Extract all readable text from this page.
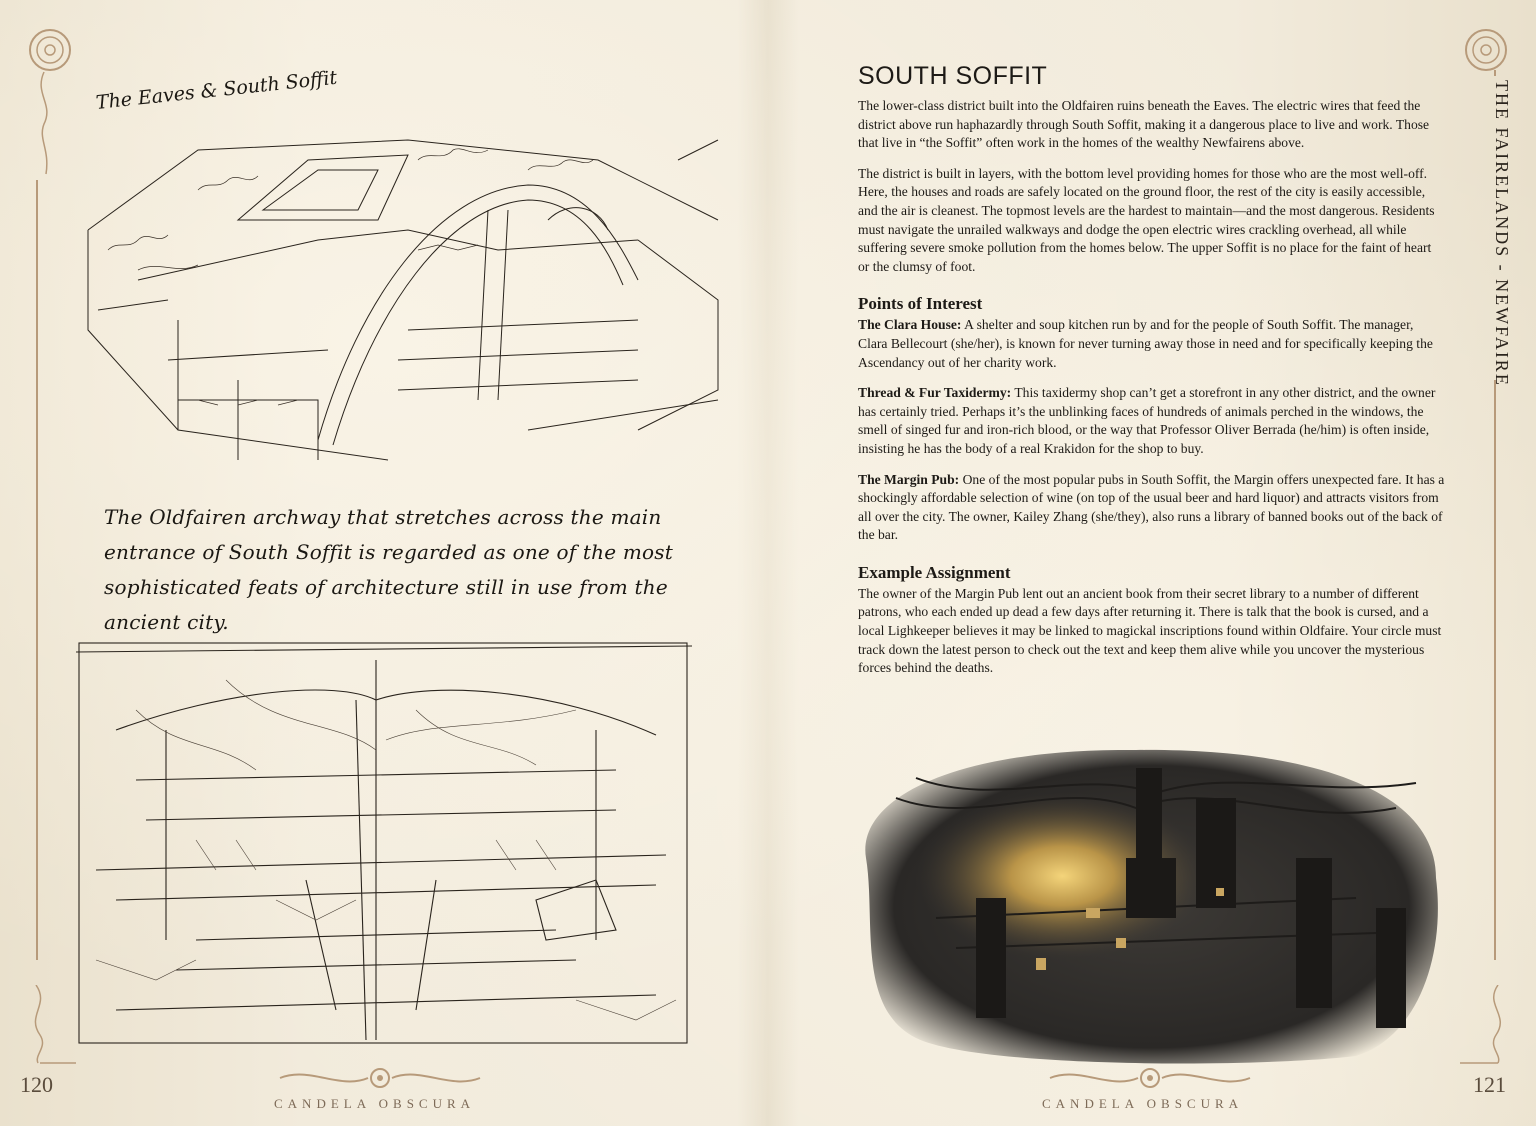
The Eaves & South Soffit
The Oldfairen archway that stretches across the main entrance of South Soffit is regarded as one of the most sophisticated feats of architecture still in use from the ancient city.
120
CANDELA OBSCURA
THE FAIRELANDS - NEWFAIRE
SOUTH SOFFIT

The lower-class district built into the Oldfairen ruins beneath the Eaves. The electric wires that feed the district above run haphazardly through South Soffit, making it a dangerous place to live and work. Those that live in “the Soffit” often work in the homes of the wealthy Newfairens above.

The district is built in layers, with the bottom level providing homes for those who are the most well-off. Here, the houses and roads are safely located on the ground floor, the rest of the city is easily accessible, and the air is cleanest. The topmost levels are the hardest to maintain—and the most dangerous. Residents must navigate the unrailed walkways and dodge the open electric wires crackling overhead, all while suffering severe smoke pollution from the homes below. The upper Soffit is no place for the faint of heart or the clumsy of foot.

Points of Interest

The Clara House: A shelter and soup kitchen run by and for the people of South Soffit. The manager, Clara Bellecourt (she/her), is known for never turning away those in need and for specifically keeping the Ascendancy out of her charity work.

Thread & Fur Taxidermy: This taxidermy shop can’t get a storefront in any other district, and the owner has certainly tried. Perhaps it’s the unblinking faces of hundreds of animals perched in the windows, the smell of singed fur and iron-rich blood, or the way that Professor Oliver Berrada (he/him) is often inside, insisting he has the body of a real Krakidon for the shop to buy.

The Margin Pub: One of the most popular pubs in South Soffit, the Margin offers unexpected fare. It has a shockingly affordable selection of wine (on top of the usual beer and hard liquor) and attracts visitors from all over the city. The owner, Kailey Zhang (she/they), also runs a library of banned books out of the back of the bar.

Example Assignment

The owner of the Margin Pub lent out an ancient book from their secret library to a number of different patrons, who each ended up dead a few days after returning it. There is talk that the book is cursed, and a local Lighkeeper believes it may be linked to magickal inscriptions found within Oldfaire. Your circle must track down the latest person to check out the text and keep them alive while you uncover the mysterious forces behind the deaths.

121
CANDELA OBSCURA
